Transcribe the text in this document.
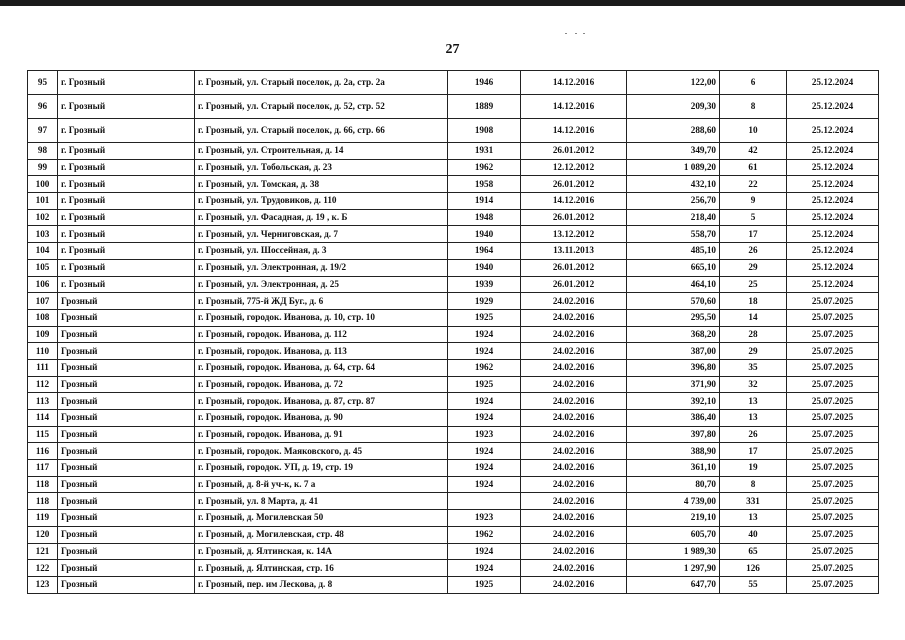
27
95	г. Грозный	г. Грозный, ул. Старый поселок, д. 2а, стр. 2а	1946	14.12.2016	122,00	6	25.12.2024
96	г. Грозный	г. Грозный, ул. Старый поселок, д. 52, стр. 52	1889	14.12.2016	209,30	8	25.12.2024
97	г. Грозный	г. Грозный, ул. Старый поселок, д. 66, стр. 66	1908	14.12.2016	288,60	10	25.12.2024
98	г. Грозный	г. Грозный, ул. Строительная, д. 14	1931	26.01.2012	349,70	42	25.12.2024
99	г. Грозный	г. Грозный, ул. Тобольская, д. 23	1962	12.12.2012	1 089,20	61	25.12.2024
100	г. Грозный	г. Грозный, ул. Томская, д. 38	1958	26.01.2012	432,10	22	25.12.2024
101	г. Грозный	г. Грозный, ул. Трудовиков, д. 110	1914	14.12.2016	256,70	9	25.12.2024
102	г. Грозный	г. Грозный, ул. Фасадная, д. 19 , к. Б	1948	26.01.2012	218,40	5	25.12.2024
103	г. Грозный	г. Грозный, ул. Черниговская, д. 7	1940	13.12.2012	558,70	17	25.12.2024
104	г. Грозный	г. Грозный, ул. Шоссейная, д. 3	1964	13.11.2013	485,10	26	25.12.2024
105	г. Грозный	г. Грозный, ул. Электронная, д. 19/2	1940	26.01.2012	665,10	29	25.12.2024
106	г. Грозный	г. Грозный, ул. Электронная, д. 25	1939	26.01.2012	464,10	25	25.12.2024
107	Грозный	г. Грозный, 775-й ЖД Буг., д. 6	1929	24.02.2016	570,60	18	25.07.2025
108	Грозный	г. Грозный, городок. Иванова, д. 10, стр. 10	1925	24.02.2016	295,50	14	25.07.2025
109	Грозный	г. Грозный, городок. Иванова, д. 112	1924	24.02.2016	368,20	28	25.07.2025
110	Грозный	г. Грозный, городок. Иванова, д. 113	1924	24.02.2016	387,00	29	25.07.2025
111	Грозный	г. Грозный, городок. Иванова, д. 64, стр. 64	1962	24.02.2016	396,80	35	25.07.2025
112	Грозный	г. Грозный, городок. Иванова, д. 72	1925	24.02.2016	371,90	32	25.07.2025
113	Грозный	г. Грозный, городок. Иванова, д. 87, стр. 87	1924	24.02.2016	392,10	13	25.07.2025
114	Грозный	г. Грозный, городок. Иванова, д. 90	1924	24.02.2016	386,40	13	25.07.2025
115	Грозный	г. Грозный, городок. Иванова, д. 91	1923	24.02.2016	397,80	26	25.07.2025
116	Грозный	г. Грозный, городок. Маяковского, д. 45	1924	24.02.2016	388,90	17	25.07.2025
117	Грозный	г. Грозный, городок. УП, д. 19, стр. 19	1924	24.02.2016	361,10	19	25.07.2025
118	Грозный	г. Грозный, д. 8-й уч-к, к. 7 а	1924	24.02.2016	80,70	8	25.07.2025
118	Грозный	г. Грозный, ул. 8 Марта, д. 41		24.02.2016	4 739,00	331	25.07.2025
119	Грозный	г. Грозный, д. Могилевская 50	1923	24.02.2016	219,10	13	25.07.2025
120	Грозный	г. Грозный, д. Могилевская, стр. 48	1962	24.02.2016	605,70	40	25.07.2025
121	Грозный	г. Грозный, д. Ялтинская, к. 14А	1924	24.02.2016	1 989,30	65	25.07.2025
122	Грозный	г. Грозный, д. Ялтинская, стр. 16	1924	24.02.2016	1 297,90	126	25.07.2025
123	Грозный	г. Грозный, пер. им Лескова, д. 8	1925	24.02.2016	647,70	55	25.07.2025
